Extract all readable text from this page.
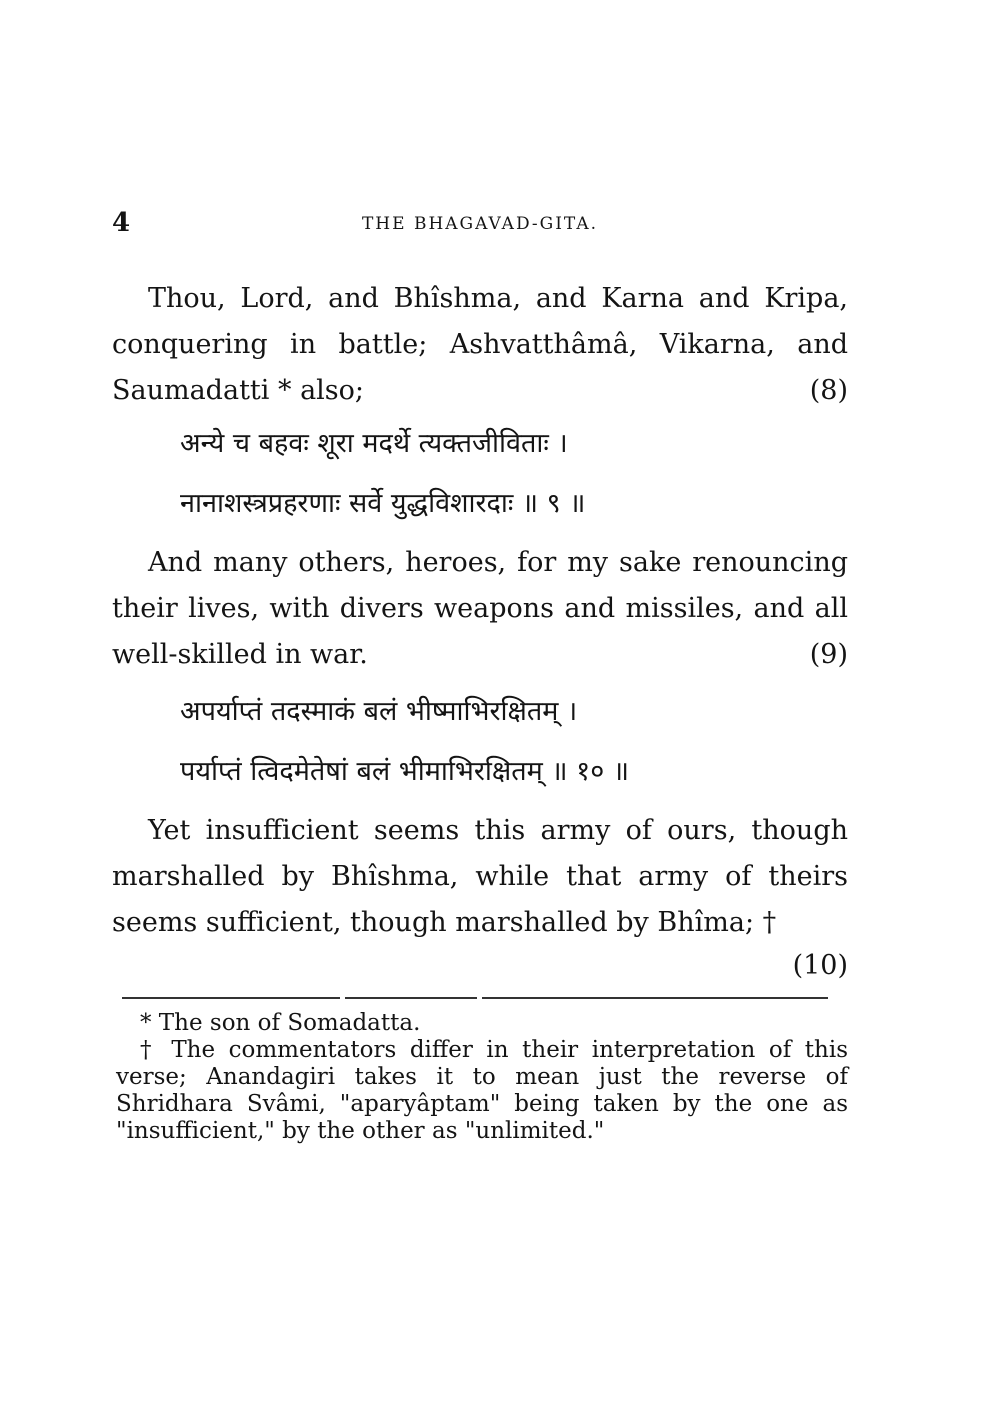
4	THE BHAGAVAD-GITA.

Thou, Lord, and Bhîshma, and Karna and Kripa, conquering in battle; Ashvatthâmâ, Vikarna, and Saumadatti * also;	(8)

अन्ये च बहवः शूरा मदर्थे त्यक्तजीविताः ।
नानाशस्त्रप्रहरणाः सर्वे युद्धविशारदाः ॥ ९ ॥

And many others, heroes, for my sake renouncing their lives, with divers weapons and missiles, and all well-skilled in war.	(9)

अपर्याप्तं तदस्माकं बलं भीष्माभिरक्षितम् ।
पर्याप्तं त्विदमेतेषां बलं भीमाभिरक्षितम् ॥ १० ॥

Yet insufficient seems this army of ours, though marshalled by Bhîshma, while that army of theirs seems sufficient, though marshalled by Bhîma; †

(10)

* The son of Somadatta.

† The commentators differ in their interpretation of this verse; Anandagiri takes it to mean just the reverse of Shridhara Svâmi, "aparyâptam" being taken by the one as "insufficient," by the other as "unlimited."
